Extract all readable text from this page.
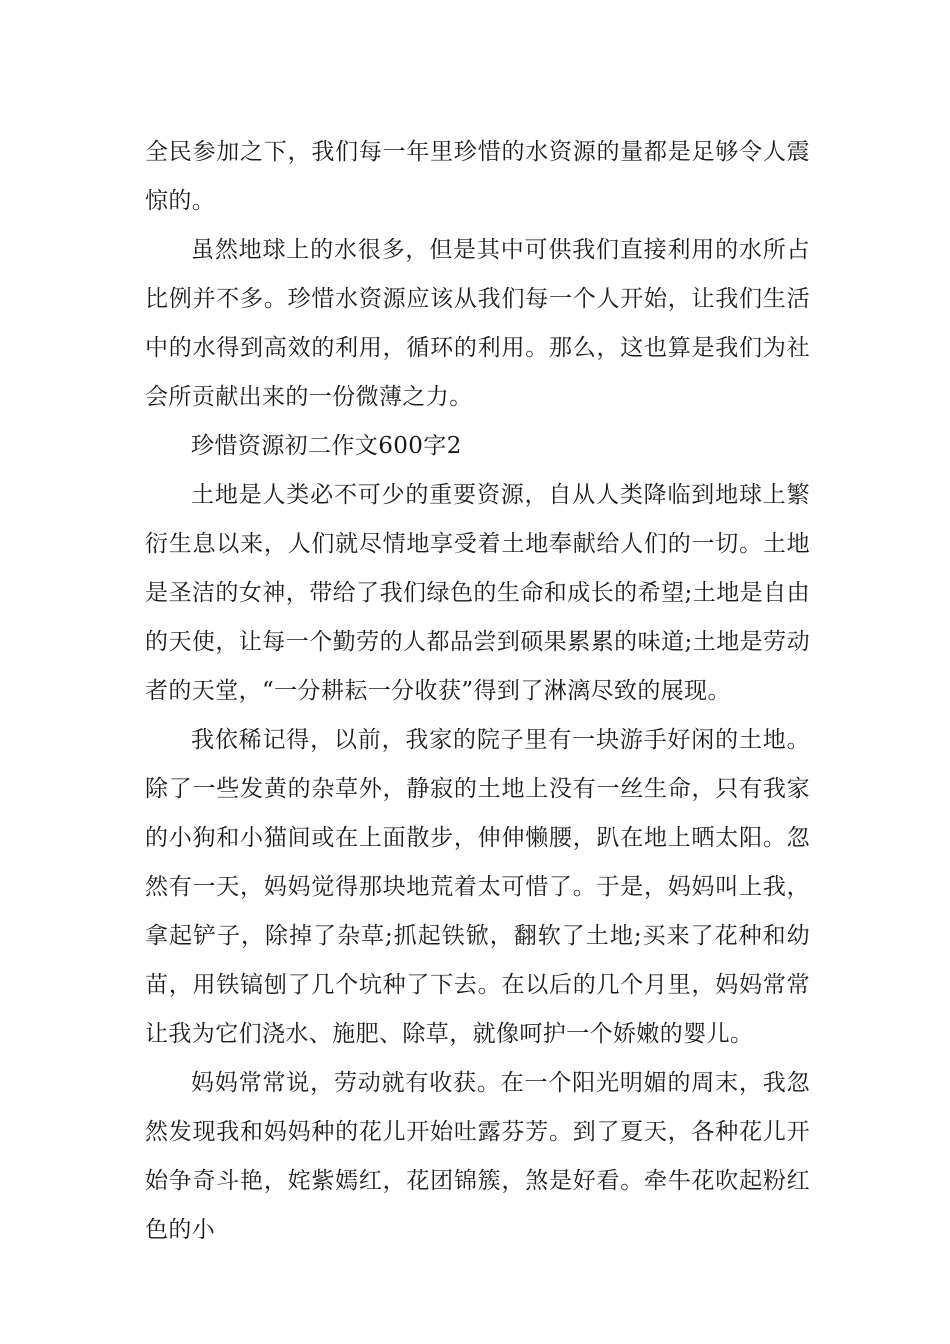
全民参加之下，我们每一年里珍惜的水资源的量都是足够令人震惊的。

虽然地球上的水很多，但是其中可供我们直接利用的水所占比例并不多。珍惜水资源应该从我们每一个人开始，让我们生活中的水得到高效的利用，循环的利用。那么，这也算是我们为社会所贡献出来的一份微薄之力。

珍惜资源初二作文600字2

土地是人类必不可少的重要资源，自从人类降临到地球上繁衍生息以来，人们就尽情地享受着土地奉献给人们的一切。土地是圣洁的女神，带给了我们绿色的生命和成长的希望;土地是自由的天使，让每一个勤劳的人都品尝到硕果累累的味道;土地是劳动者的天堂，“一分耕耘一分收获”得到了淋漓尽致的展现。

我依稀记得，以前，我家的院子里有一块游手好闲的土地。除了一些发黄的杂草外，静寂的土地上没有一丝生命，只有我家的小狗和小猫间或在上面散步，伸伸懒腰，趴在地上晒太阳。忽然有一天，妈妈觉得那块地荒着太可惜了。于是，妈妈叫上我，拿起铲子，除掉了杂草;抓起铁锨，翻软了土地;买来了花种和幼苗，用铁镐刨了几个坑种了下去。在以后的几个月里，妈妈常常让我为它们浇水、施肥、除草，就像呵护一个娇嫩的婴儿。

妈妈常常说，劳动就有收获。在一个阳光明媚的周末，我忽然发现我和妈妈种的花儿开始吐露芬芳。到了夏天，各种花儿开始争奇斗艳，姹紫嫣红，花团锦簇，煞是好看。牵牛花吹起粉红色的小
